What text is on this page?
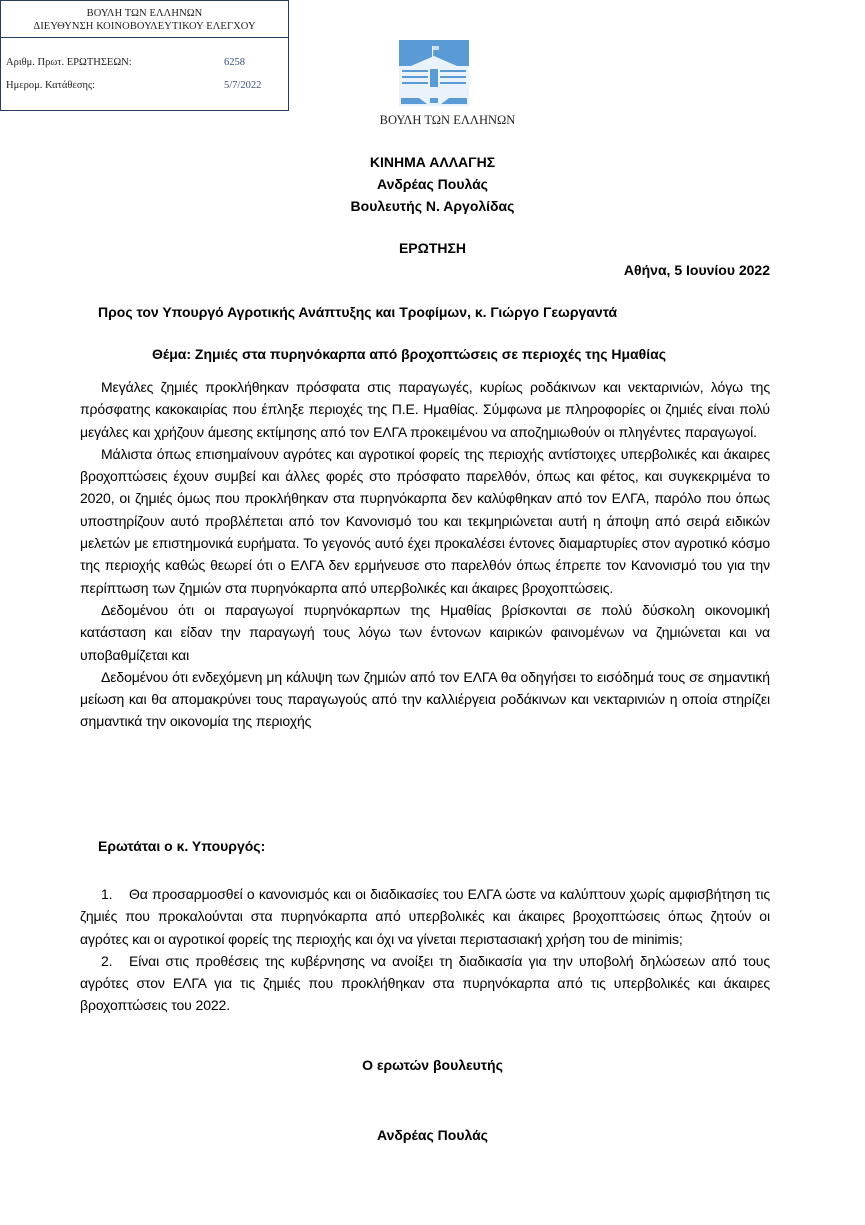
ΒΟΥΛΗ ΤΩΝ ΕΛΛΗΝΩΝ
ΔΙΕΥΘΥΝΣΗ ΚΟΙΝΟΒΟΥΛΕΥΤΙΚΟΥ ΕΛΕΓΧΟΥ
Αριθμ. Πρωτ. ΕΡΩΤΗΣΕΩΝ:	6258
Ημερομ. Κατάθεσης:	5/7/2022
ΒΟΥΛΗ ΤΩΝ ΕΛΛΗΝΩΝ
ΚΙΝΗΜΑ ΑΛΛΑΓΗΣ
Ανδρέας Πουλάς
Βουλευτής Ν. Αργολίδας
ΕΡΩΤΗΣΗ
Αθήνα, 5 Ιουνίου 2022
Προς τον Υπουργό Αγροτικής Ανάπτυξης και Τροφίμων, κ. Γιώργο Γεωργαντά
Θέμα: Ζημιές στα πυρηνόκαρπα από βροχοπτώσεις σε περιοχές της Ημαθίας

Μεγάλες ζημιές προκλήθηκαν πρόσφατα στις παραγωγές, κυρίως ροδάκινων και νεκταρινιών, λόγω της πρόσφατης κακοκαιρίας που έπληξε περιοχές της Π.Ε. Ημαθίας. Σύμφωνα με πληροφορίες οι ζημιές είναι πολύ μεγάλες και χρήζουν άμεσης εκτίμησης από τον ΕΛΓΑ προκειμένου να αποζημιωθούν οι πληγέντες παραγωγοί.

Μάλιστα όπως επισημαίνουν αγρότες και αγροτικοί φορείς της περιοχής αντίστοιχες υπερβολικές και άκαιρες βροχοπτώσεις έχουν συμβεί και άλλες φορές στο πρόσφατο παρελθόν, όπως και φέτος, και συγκεκριμένα το 2020, οι ζημιές όμως που προκλήθηκαν στα πυρηνόκαρπα δεν καλύφθηκαν από τον ΕΛΓΑ, παρόλο που όπως υποστηρίζουν αυτό προβλέπεται από τον Κανονισμό του και τεκμηριώνεται αυτή η άποψη από σειρά ειδικών μελετών με επιστημονικά ευρήματα. Το γεγονός αυτό έχει προκαλέσει έντονες διαμαρτυρίες στον αγροτικό κόσμο της περιοχής καθώς θεωρεί ότι ο ΕΛΓΑ δεν ερμήνευσε στο παρελθόν όπως έπρεπε τον Κανονισμό του για την περίπτωση των ζημιών στα πυρηνόκαρπα από υπερβολικές και άκαιρες βροχοπτώσεις.

Δεδομένου ότι οι παραγωγοί πυρηνόκαρπων της Ημαθίας βρίσκονται σε πολύ δύσκολη οικονομική κατάσταση και είδαν την παραγωγή τους λόγω των έντονων καιρικών φαινομένων να ζημιώνεται και να υποβαθμίζεται και

Δεδομένου ότι ενδεχόμενη μη κάλυψη των ζημιών από τον ΕΛΓΑ θα οδηγήσει το εισόδημά τους σε σημαντική μείωση και θα απομακρύνει τους παραγωγούς από την καλλιέργεια ροδάκινων και νεκταρινιών η οποία στηρίζει σημαντικά την οικονομία της περιοχής

Ερωτάται ο κ. Υπουργός:
1. Θα προσαρμοσθεί ο κανονισμός και οι διαδικασίες του ΕΛΓΑ ώστε να καλύπτουν χωρίς αμφισβήτηση τις ζημιές που προκαλούνται στα πυρηνόκαρπα από υπερβολικές και άκαιρες βροχοπτώσεις όπως ζητούν οι αγρότες και οι αγροτικοί φορείς της περιοχής και όχι να γίνεται περιστασιακή χρήση του de minimis;
2. Είναι στις προθέσεις της κυβέρνησης να ανοίξει τη διαδικασία για την υποβολή δηλώσεων από τους αγρότες στον ΕΛΓΑ για τις ζημιές που προκλήθηκαν στα πυρηνόκαρπα από τις υπερβολικές και άκαιρες βροχοπτώσεις του 2022.
Ο ερωτών βουλευτής
Ανδρέας Πουλάς
